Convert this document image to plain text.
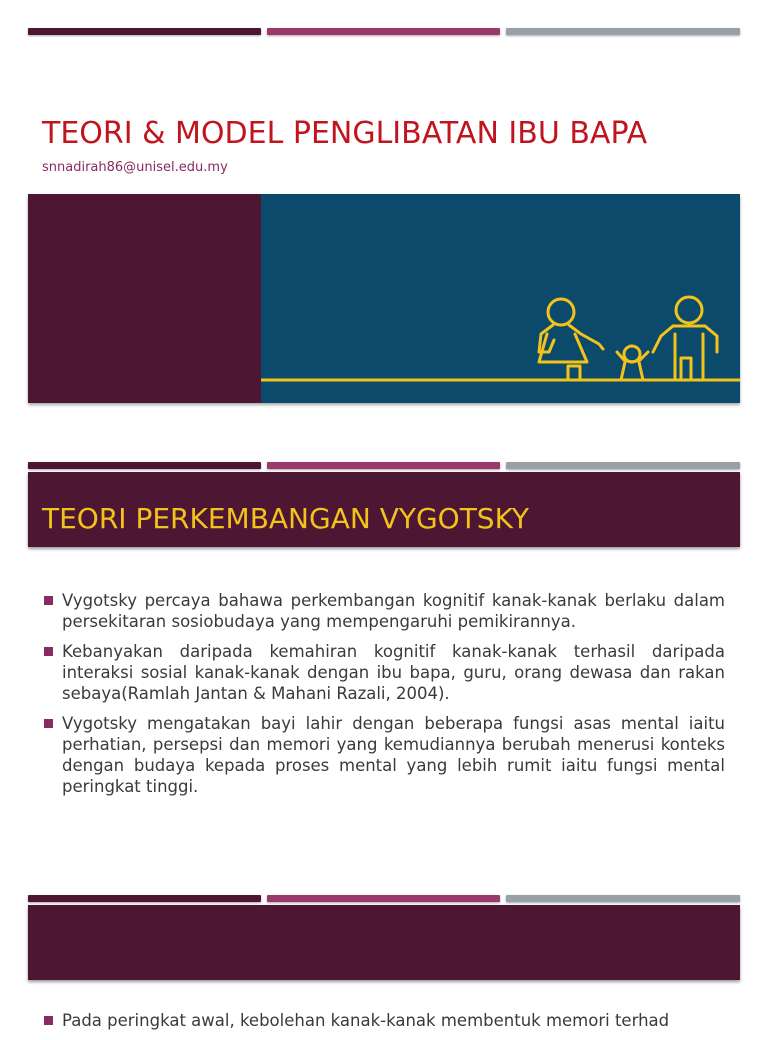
TEORI & MODEL PENGLIBATAN IBU BAPA
snnadirah86@unisel.edu.my
TEORI PERKEMBANGAN VYGOTSKY
Vygotsky percaya bahawa perkembangan kognitif kanak-kanak berlaku dalam persekitaran sosiobudaya yang mempengaruhi pemikirannya.
Kebanyakan daripada kemahiran kognitif kanak-kanak terhasil daripada interaksi sosial kanak-kanak dengan ibu bapa, guru, orang dewasa dan rakan sebaya(Ramlah Jantan & Mahani Razali, 2004).
Vygotsky mengatakan bayi lahir dengan beberapa fungsi asas mental iaitu perhatian, persepsi dan memori yang kemudiannya berubah menerusi konteks dengan budaya kepada proses mental yang lebih rumit iaitu fungsi mental peringkat tinggi.
Pada peringkat awal, kebolehan kanak-kanak membentuk memori terhad
